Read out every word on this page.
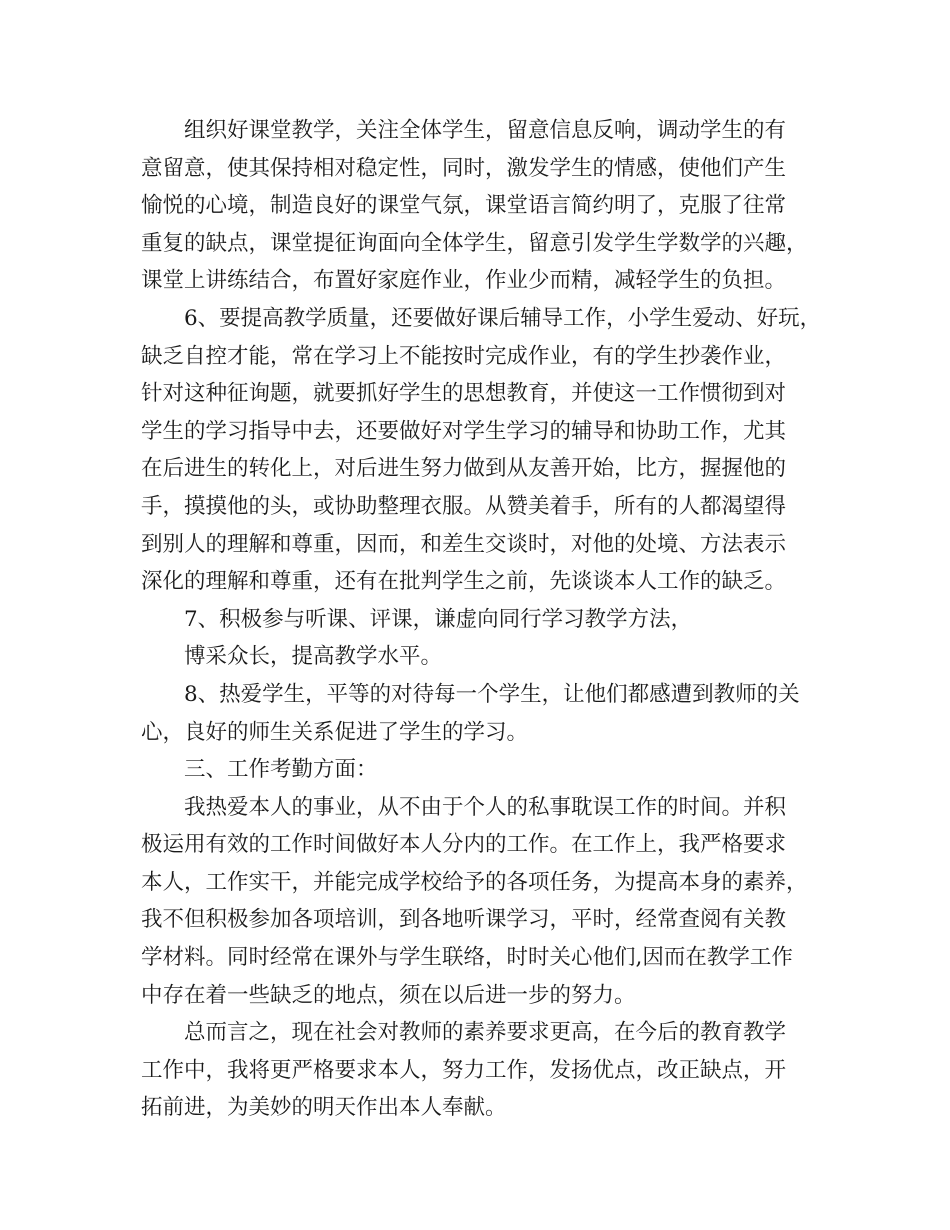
组织好课堂教学，关注全体学生，留意信息反响，调动学生的有
意留意，使其保持相对稳定性，同时，激发学生的情感，使他们产生
愉悦的心境，制造良好的课堂气氛，课堂语言简约明了，克服了往常
重复的缺点，课堂提征询面向全体学生，留意引发学生学数学的兴趣，
课堂上讲练结合，布置好家庭作业，作业少而精，减轻学生的负担。
6、要提高教学质量，还要做好课后辅导工作，小学生爱动、好玩，
缺乏自控才能，常在学习上不能按时完成作业，有的学生抄袭作业，
针对这种征询题，就要抓好学生的思想教育，并使这一工作惯彻到对
学生的学习指导中去，还要做好对学生学习的辅导和协助工作，尤其
在后进生的转化上，对后进生努力做到从友善开始，比方，握握他的
手，摸摸他的头，或协助整理衣服。从赞美着手，所有的人都渴望得
到别人的理解和尊重，因而，和差生交谈时，对他的处境、方法表示
深化的理解和尊重，还有在批判学生之前，先谈谈本人工作的缺乏。
7、积极参与听课、评课，谦虚向同行学习教学方法，
博采众长，提高教学水平。
8、热爱学生，平等的对待每一个学生，让他们都感遭到教师的关
心，良好的师生关系促进了学生的学习。
三、工作考勤方面：
我热爱本人的事业，从不由于个人的私事耽误工作的时间。并积
极运用有效的工作时间做好本人分内的工作。在工作上，我严格要求
本人，工作实干，并能完成学校给予的各项任务，为提高本身的素养，
我不但积极参加各项培训，到各地听课学习，平时，经常查阅有关教
学材料。同时经常在课外与学生联络，时时关心他们,因而在教学工作
中存在着一些缺乏的地点，须在以后进一步的努力。
总而言之，现在社会对教师的素养要求更高，在今后的教育教学
工作中，我将更严格要求本人，努力工作，发扬优点，改正缺点，开
拓前进，为美妙的明天作出本人奉献。
